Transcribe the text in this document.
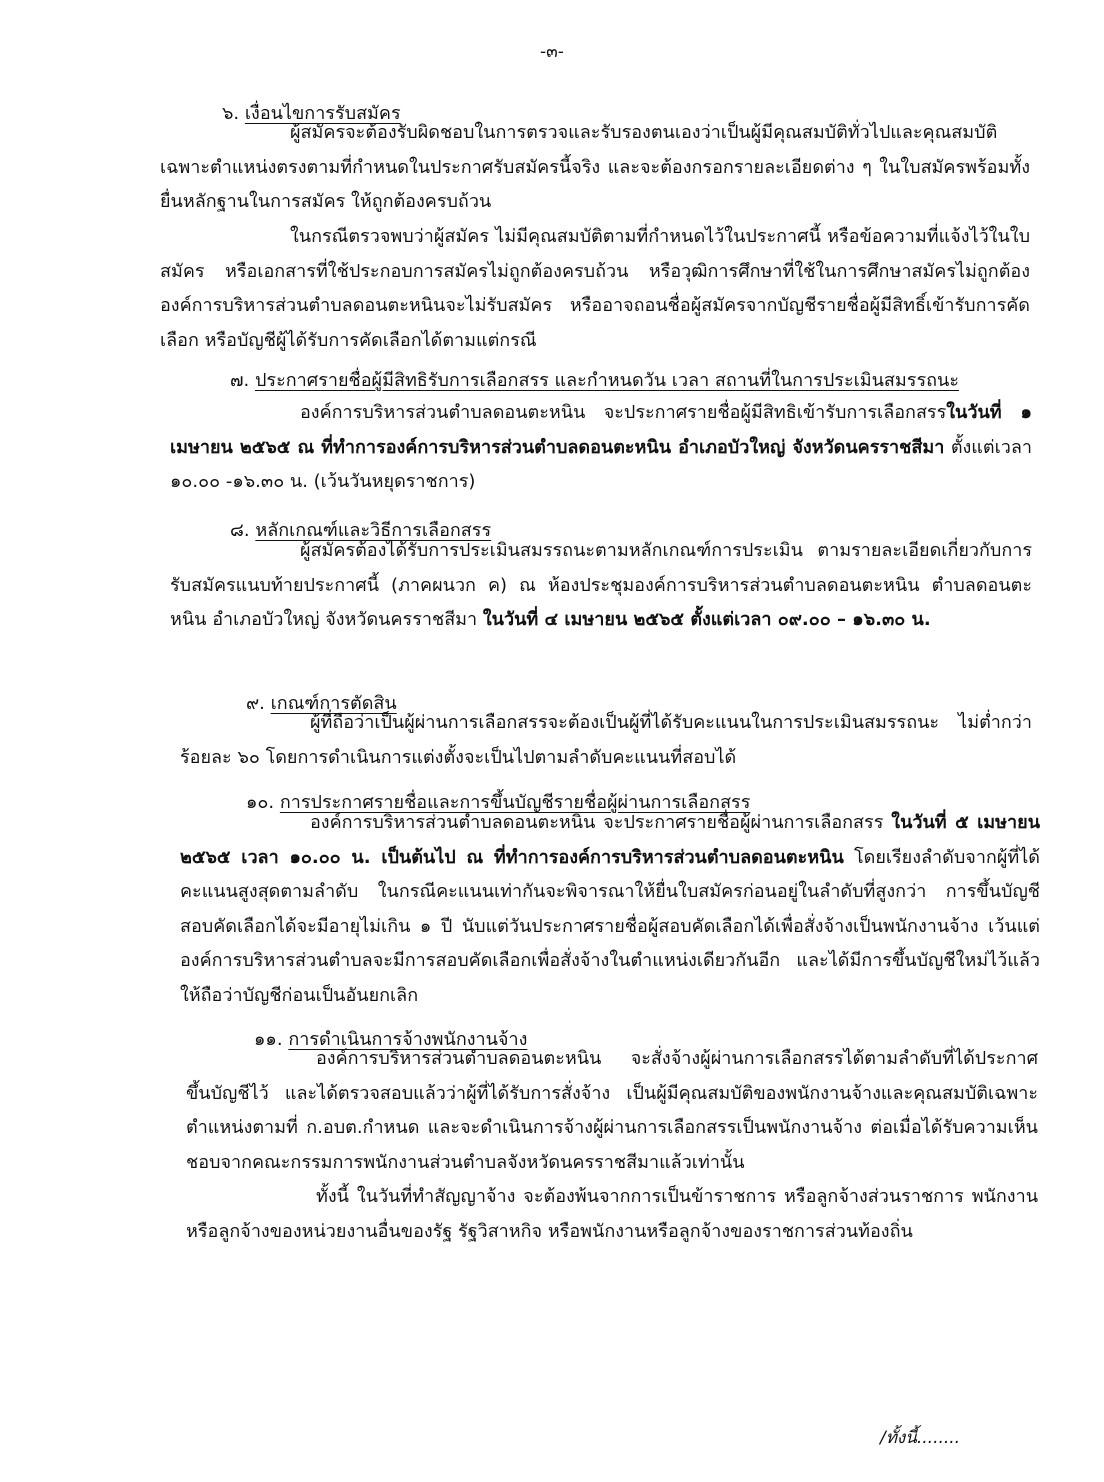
-๓-
๖. เงื่อนไขการรับสมัคร

ผู้สมัครจะต้องรับผิดชอบในการตรวจและรับรองตนเองว่าเป็นผู้มีคุณสมบัติทั่วไปและคุณสมบัติเฉพาะตำแหน่งตรงตามที่กำหนดในประกาศรับสมัครนี้จริง และจะต้องกรอกรายละเอียดต่าง ๆ ในใบสมัครพร้อมทั้งยื่นหลักฐานในการสมัคร ให้ถูกต้องครบถ้วน

ในกรณีตรวจพบว่าผู้สมัคร ไม่มีคุณสมบัติตามที่กำหนดไว้ในประกาศนี้ หรือข้อความที่แจ้งไว้ในใบสมัคร หรือเอกสารที่ใช้ประกอบการสมัครไม่ถูกต้องครบถ้วน หรือวุฒิการศึกษาที่ใช้ในการศึกษาสมัครไม่ถูกต้อง องค์การบริหารส่วนตำบลดอนตะหนินจะไม่รับสมัคร หรืออาจถอนชื่อผู้สมัครจากบัญชีรายชื่อผู้มีสิทธิ์เข้ารับการคัดเลือก หรือบัญชีผู้ได้รับการคัดเลือกได้ตามแต่กรณี

๗. ประกาศรายชื่อผู้มีสิทธิรับการเลือกสรร และกำหนดวัน เวลา สถานที่ในการประเมินสมรรถนะ

องค์การบริหารส่วนตำบลดอนตะหนิน จะประกาศรายชื่อผู้มีสิทธิเข้ารับการเลือกสรรในวันที่ ๑ เมษายน ๒๕๖๕ ณ ที่ทำการองค์การบริหารส่วนตำบลดอนตะหนิน อำเภอบัวใหญ่ จังหวัดนครราชสีมา ตั้งแต่เวลา ๑๐.๐๐ -๑๖.๓๐ น. (เว้นวันหยุดราชการ)

๘. หลักเกณฑ์และวิธีการเลือกสรร

ผู้สมัครต้องได้รับการประเมินสมรรถนะตามหลักเกณฑ์การประเมิน ตามรายละเอียดเกี่ยวกับการรับสมัครแนบท้ายประกาศนี้ (ภาคผนวก ค) ณ ห้องประชุมองค์การบริหารส่วนตำบลดอนตะหนิน ตำบลดอนตะหนิน อำเภอบัวใหญ่ จังหวัดนครราชสีมา ในวันที่ ๔ เมษายน ๒๕๖๕ ตั้งแต่เวลา ๐๙.๐๐ – ๑๖.๓๐ น.

๙. เกณฑ์การตัดสิน

ผู้ที่ถือว่าเป็นผู้ผ่านการเลือกสรรจะต้องเป็นผู้ที่ได้รับคะแนนในการประเมินสมรรถนะ ไม่ต่ำกว่าร้อยละ ๖๐ โดยการดำเนินการแต่งตั้งจะเป็นไปตามลำดับคะแนนที่สอบได้

๑๐. การประกาศรายชื่อและการขึ้นบัญชีรายชื่อผู้ผ่านการเลือกสรร

องค์การบริหารส่วนตำบลดอนตะหนิน จะประกาศรายชื่อผู้ผ่านการเลือกสรร ในวันที่ ๕ เมษายน ๒๕๖๕ เวลา ๑๐.๐๐ น. เป็นต้นไป ณ ที่ทำการองค์การบริหารส่วนตำบลดอนตะหนิน โดยเรียงลำดับจากผู้ที่ได้คะแนนสูงสุดตามลำดับ ในกรณีคะแนนเท่ากันจะพิจารณาให้ยื่นใบสมัครก่อนอยู่ในลำดับที่สูงกว่า การขึ้นบัญชีสอบคัดเลือกได้จะมีอายุไม่เกิน ๑ ปี นับแต่วันประกาศรายชื่อผู้สอบคัดเลือกได้เพื่อสั่งจ้างเป็นพนักงานจ้าง เว้นแต่องค์การบริหารส่วนตำบลจะมีการสอบคัดเลือกเพื่อสั่งจ้างในตำแหน่งเดียวกันอีก และได้มีการขึ้นบัญชีใหม่ไว้แล้ว ให้ถือว่าบัญชีก่อนเป็นอันยกเลิก

๑๑. การดำเนินการจ้างพนักงานจ้าง

องค์การบริหารส่วนตำบลดอนตะหนิน จะสั่งจ้างผู้ผ่านการเลือกสรรได้ตามลำดับที่ได้ประกาศขึ้นบัญชีไว้ และได้ตรวจสอบแล้วว่าผู้ที่ได้รับการสั่งจ้าง เป็นผู้มีคุณสมบัติของพนักงานจ้างและคุณสมบัติเฉพาะตำแหน่งตามที่ ก.อบต.กำหนด และจะดำเนินการจ้างผู้ผ่านการเลือกสรรเป็นพนักงานจ้าง ต่อเมื่อได้รับความเห็นชอบจากคณะกรรมการพนักงานส่วนตำบลจังหวัดนครราชสีมาแล้วเท่านั้น

ทั้งนี้ ในวันที่ทำสัญญาจ้าง จะต้องพ้นจากการเป็นข้าราชการ หรือลูกจ้างส่วนราชการ พนักงาน หรือลูกจ้างของหน่วยงานอื่นของรัฐ รัฐวิสาหกิจ หรือพนักงานหรือลูกจ้างของราชการส่วนท้องถิ่น

/ทั้งนี้........
